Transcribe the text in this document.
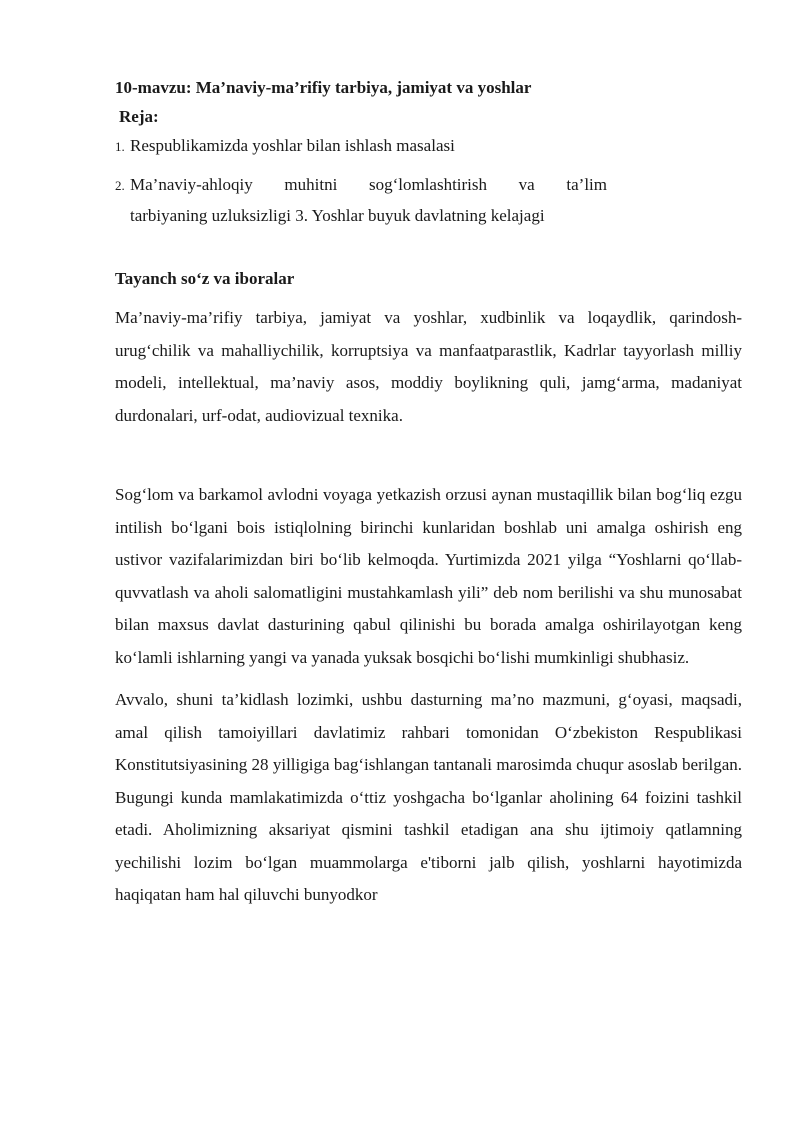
10-mavzu: Ma’naviy-ma’rifiy tarbiya, jamiyat va yoshlar
Reja:
1. Respublikamizda yoshlar bilan ishlash masalasi
2. Ma’naviy-ahloqiy muhitni sog‘lomlashtirish va ta’lim
tarbiyaning uzluksizligi 3. Yoshlar buyuk davlatning kelajagi
Tayanch so‘z va iboralar

Ma’naviy-ma’rifiy tarbiya, jamiyat va yoshlar, xudbinlik va loqaydlik, qarindosh-urug‘chilik va mahalliychilik, korruptsiya va manfaatparastlik, Kadrlar tayyorlash milliy modeli, intellektual, ma’naviy asos, moddiy boylikning quli, jamg‘arma, madaniyat durdonalari, urf-odat, audiovizual texnika.

Sog‘lom va barkamol avlodni voyaga yetkazish orzusi aynan mustaqillik bilan bog‘liq ezgu intilish bo‘lgani bois istiqlolning birinchi kunlaridan boshlab uni amalga oshirish eng ustivor vazifalarimizdan biri bo‘lib kelmoqda. Yurtimizda 2021 yilga “Yoshlarni qo‘llab-quvvatlash va aholi salomatligini mustahkamlash yili” deb nom berilishi va shu munosabat bilan maxsus davlat dasturining qabul qilinishi bu borada amalga oshirilayotgan keng ko‘lamli ishlarning yangi va yanada yuksak bosqichi bo‘lishi mumkinligi shubhasiz.

Avvalo, shuni ta’kidlash lozimki, ushbu dasturning ma’no mazmuni, g‘oyasi, maqsadi, amal qilish tamoiyillari davlatimiz rahbari tomonidan O‘zbekiston Respublikasi Konstitutsiyasining 28 yilligiga bag‘ishlangan tantanali marosimda chuqur asoslab berilgan. Bugungi kunda mamlakatimizda o‘ttiz yoshgacha bo‘lganlar aholining 64 foizini tashkil etadi. Aholimizning aksariyat qismini tashkil etadigan ana shu ijtimoiy qatlamning yechilishi lozim bo‘lgan muammolarga e'tiborni jalb qilish, yoshlarni hayotimizda haqiqatan ham hal qiluvchi bunyodkor
